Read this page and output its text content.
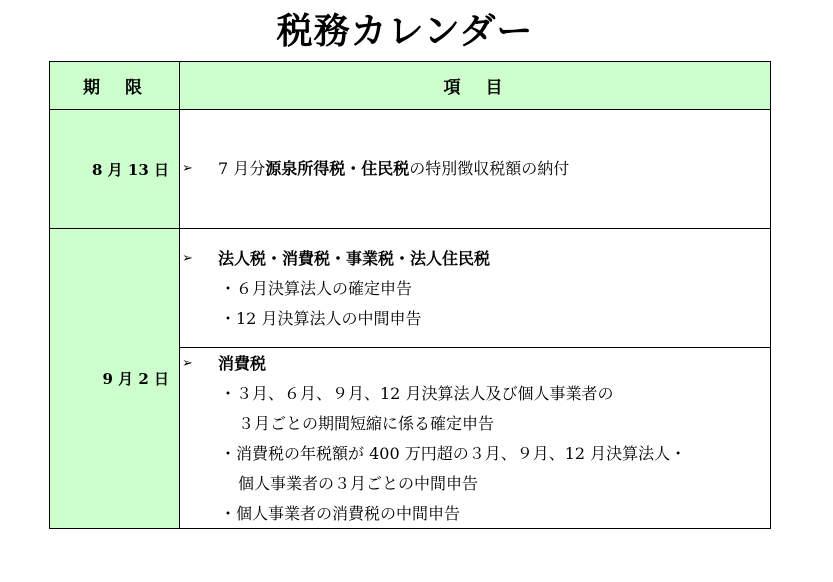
税務カレンダー
期　限	項　目
8 月 13 日
➢	7 月分源泉所得税・住民税の特別徴収税額の納付
9 月 2 日
➢
法人税・消費税・事業税・法人住民税
・６月決算法人の確定申告
・12 月決算法人の中間申告
➢
消費税
・３月、６月、９月、12 月決算法人及び個人事業者の
３月ごとの期間短縮に係る確定申告
・消費税の年税額が 400 万円超の３月、９月、12 月決算法人・
個人事業者の３月ごとの中間申告
・個人事業者の消費税の中間申告
